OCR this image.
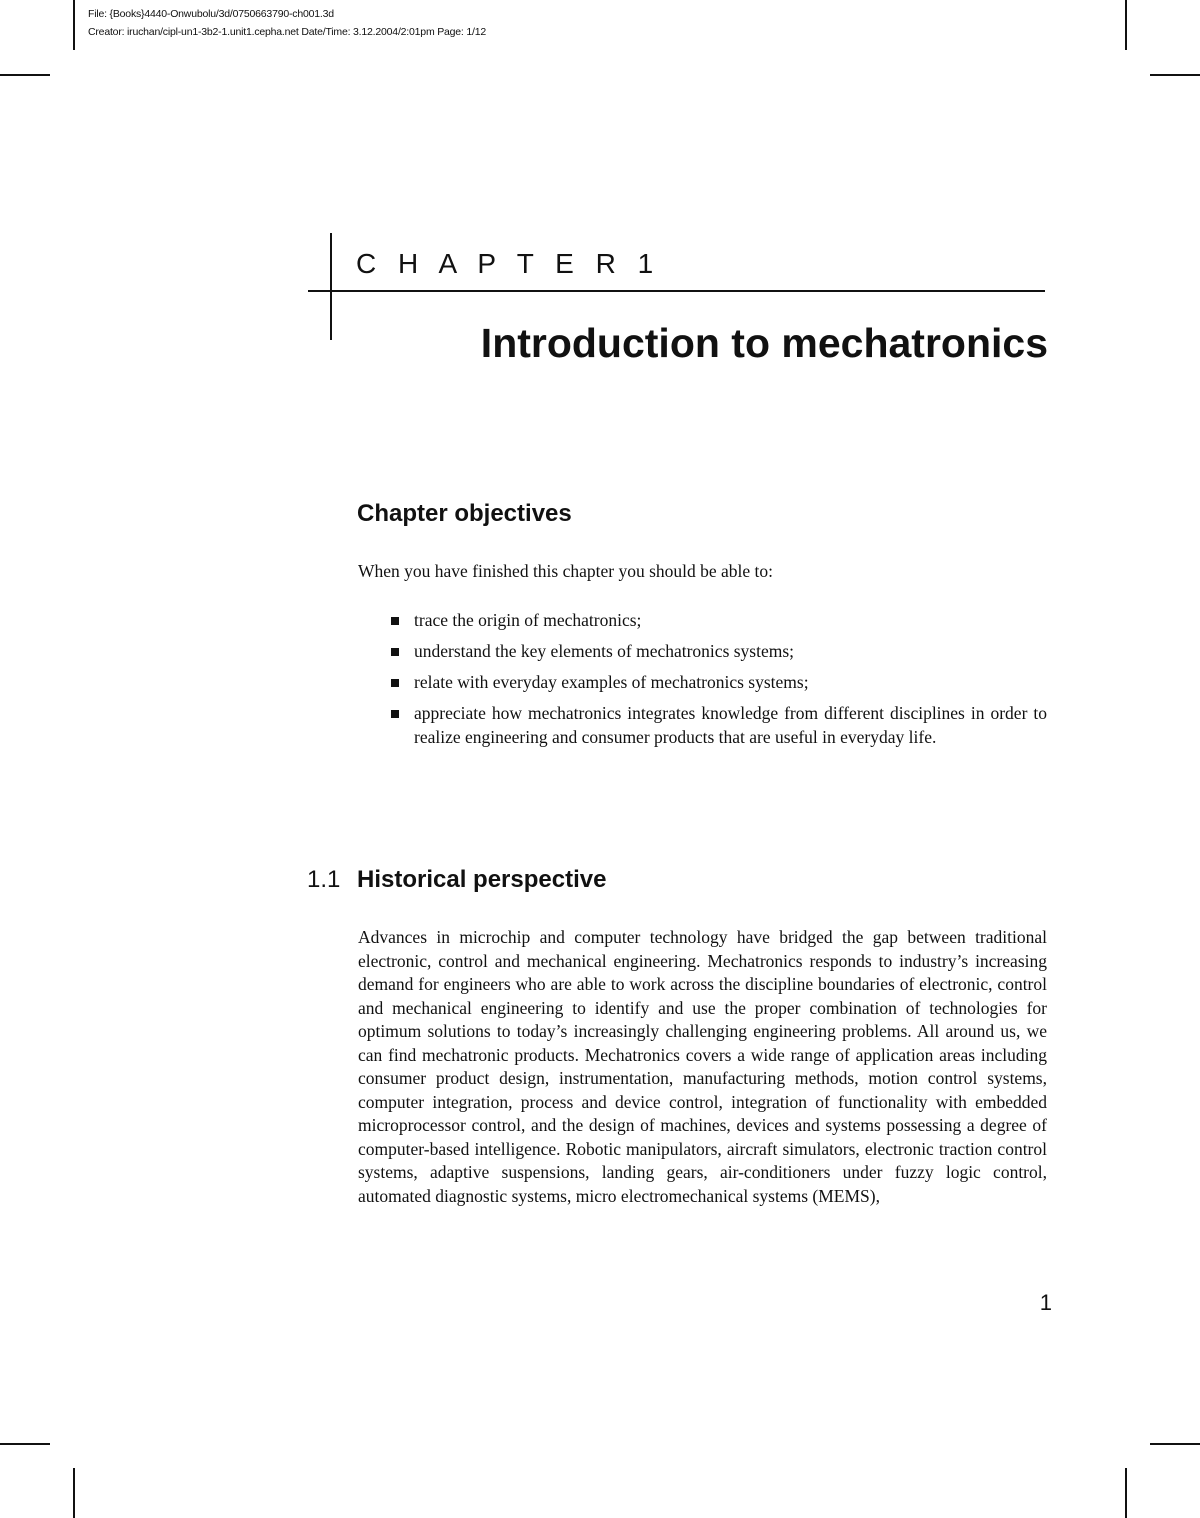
File: {Books}4440-Onwubolu/3d/0750663790-ch001.3d
Creator: iruchan/cipl-un1-3b2-1.unit1.cepha.net Date/Time: 3.12.2004/2:01pm Page: 1/12
C H A P T E R 1
Introduction to mechatronics
Chapter objectives
When you have finished this chapter you should be able to:
trace the origin of mechatronics;
understand the key elements of mechatronics systems;
relate with everyday examples of mechatronics systems;
appreciate how mechatronics integrates knowledge from different disciplines in order to realize engineering and consumer products that are useful in everyday life.
1.1 Historical perspective

Advances in microchip and computer technology have bridged the gap between traditional electronic, control and mechanical engineering. Mechatronics responds to industry’s increasing demand for engineers who are able to work across the discipline boundaries of electronic, control and mechanical engineering to identify and use the proper combination of technologies for optimum solutions to today’s increasingly challenging engineering problems. All around us, we can find mechatronic products. Mechatronics covers a wide range of application areas including consumer product design, instrumentation, manufacturing methods, motion control systems, computer integration, process and device control, integration of functionality with embedded microprocessor control, and the design of machines, devices and systems possessing a degree of computer-based intelligence. Robotic manipulators, aircraft simulators, electronic traction control systems, adaptive suspensions, landing gears, air-conditioners under fuzzy logic control, automated diagnostic systems, micro electromechanical systems (MEMS),

1
